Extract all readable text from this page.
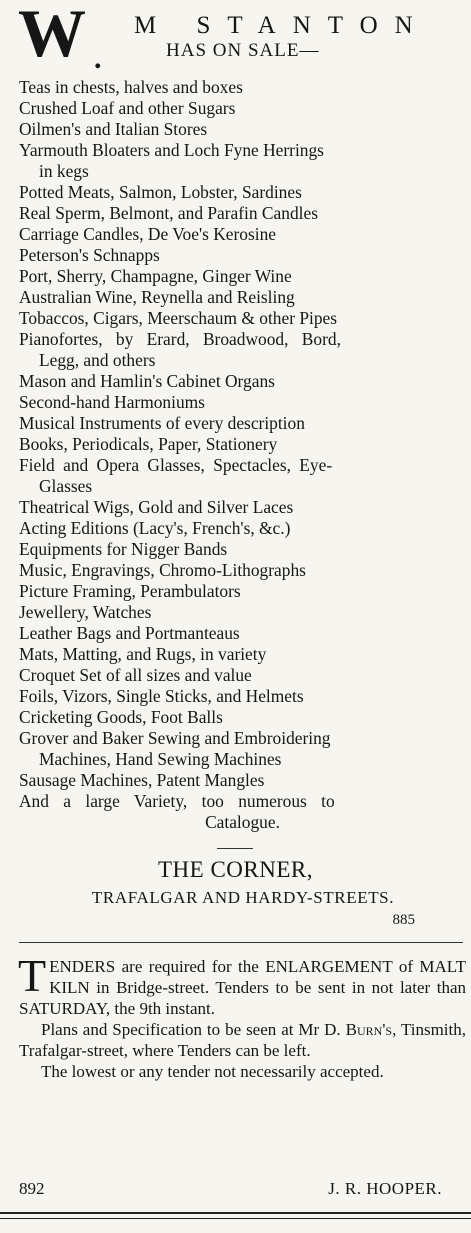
W .
M STANTON
HAS ON SALE—
Teas in chests, halves and boxes
Crushed Loaf and other Sugars
Oilmen's and Italian Stores
Yarmouth Bloaters and Loch Fyne Herrings
in kegs
Potted Meats, Salmon, Lobster, Sardines
Real Sperm, Belmont, and Parafin Candles
Carriage Candles, De Voe's Kerosine
Peterson's Schnapps
Port, Sherry, Champagne, Ginger Wine
Australian Wine, Reynella and Reisling
Tobaccos, Cigars, Meerschaum & other Pipes
Pianofortes, by Erard, Broadwood, Bord,
Legg, and others
Mason and Hamlin's Cabinet Organs
Second-hand Harmoniums
Musical Instruments of every description
Books, Periodicals, Paper, Stationery
Field and Opera Glasses, Spectacles, Eye-
Glasses
Theatrical Wigs, Gold and Silver Laces
Acting Editions (Lacy's, French's, &c.)
Equipments for Nigger Bands
Music, Engravings, Chromo-Lithographs
Picture Framing, Perambulators
Jewellery, Watches
Leather Bags and Portmanteaus
Mats, Matting, and Rugs, in variety
Croquet Set of all sizes and value
Foils, Vizors, Single Sticks, and Helmets
Cricketing Goods, Foot Balls
Grover and Baker Sewing and Embroidering
Machines, Hand Sewing Machines
Sausage Machines, Patent Mangles
And a large Variety, too numerous to
Catalogue.
THE CORNER,
TRAFALGAR AND HARDY-STREETS.
885

TENDERS are required for the ENLARGEMENT of MALT KILN in Bridge-street. Tenders to be sent in not later than SATURDAY, the 9th instant.

Plans and Specification to be seen at Mr D. Burn's, Tinsmith, Trafalgar-street, where Tenders can be left.

The lowest or any tender not necessarily accepted.

892	J. R. HOOPER.
